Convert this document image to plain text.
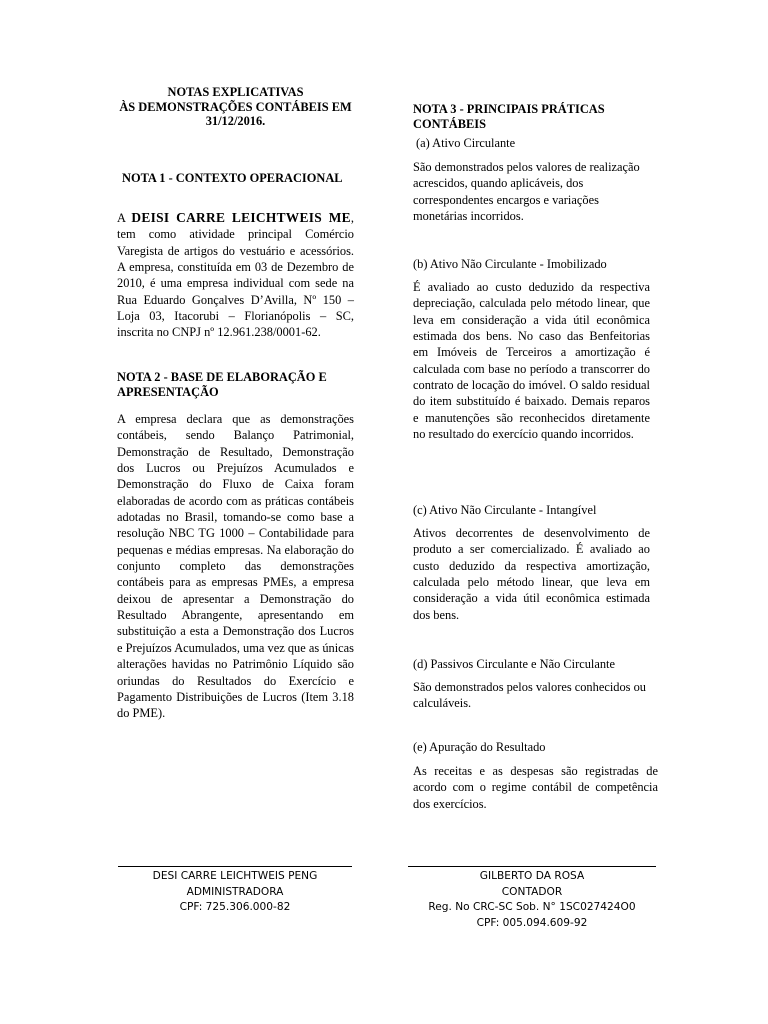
NOTAS EXPLICATIVAS
ÀS DEMONSTRAÇÕES CONTÁBEIS EM
31/12/2016.
NOTA 1 - CONTEXTO OPERACIONAL

A DEISI CARRE LEICHTWEIS ME, tem como atividade principal Comércio Varegista de artigos do vestuário e acessórios. A empresa, constituída em 03 de Dezembro de 2010, é uma empresa individual com sede na Rua Eduardo Gonçalves D’Avilla, Nº 150 – Loja 03, Itacorubi – Florianópolis – SC, inscrita no CNPJ nº 12.961.238/0001-62.

NOTA 2 - BASE DE ELABORAÇÃO E APRESENTAÇÃO

A empresa declara que as demonstrações contábeis, sendo Balanço Patrimonial, Demonstração de Resultado, Demonstração dos Lucros ou Prejuízos Acumulados e Demonstração do Fluxo de Caixa foram elaboradas de acordo com as práticas contábeis adotadas no Brasil, tomando-se como base a resolução NBC TG 1000 – Contabilidade para pequenas e médias empresas. Na elaboração do conjunto completo das demonstrações contábeis para as empresas PMEs, a empresa deixou de apresentar a Demonstração do Resultado Abrangente, apresentando em substituição a esta a Demonstração dos Lucros e Prejuízos Acumulados, uma vez que as únicas alterações havidas no Patrimônio Líquido são oriundas do Resultados do Exercício e Pagamento Distribuições de Lucros (Item 3.18 do PME).

NOTA 3 - PRINCIPAIS PRÁTICAS CONTÁBEIS
(a) Ativo Circulante

São demonstrados pelos valores de realização acrescidos, quando aplicáveis, dos correspondentes encargos e variações monetárias incorridos.

(b) Ativo Não Circulante - Imobilizado

É avaliado ao custo deduzido da respectiva depreciação, calculada pelo método linear, que leva em consideração a vida útil econômica estimada dos bens. No caso das Benfeitorias em Imóveis de Terceiros a amortização é calculada com base no período a transcorrer do contrato de locação do imóvel. O saldo residual do item substituído é baixado. Demais reparos e manutenções são reconhecidos diretamente no resultado do exercício quando incorridos.

(c) Ativo Não Circulante - Intangível

Ativos decorrentes de desenvolvimento de produto a ser comercializado. É avaliado ao custo deduzido da respectiva amortização, calculada pelo método linear, que leva em consideração a vida útil econômica estimada dos bens.

(d) Passivos Circulante e Não Circulante

São demonstrados pelos valores conhecidos ou calculáveis.

(e) Apuração do Resultado

As receitas e as despesas são registradas de acordo com o regime contábil de competência dos exercícios.

DESI CARRE LEICHTWEIS PENG
ADMINISTRADORA
CPF: 725.306.000-82
GILBERTO DA ROSA
CONTADOR
Reg. No CRC-SC Sob. N° 1SC027424O0
CPF: 005.094.609-92
